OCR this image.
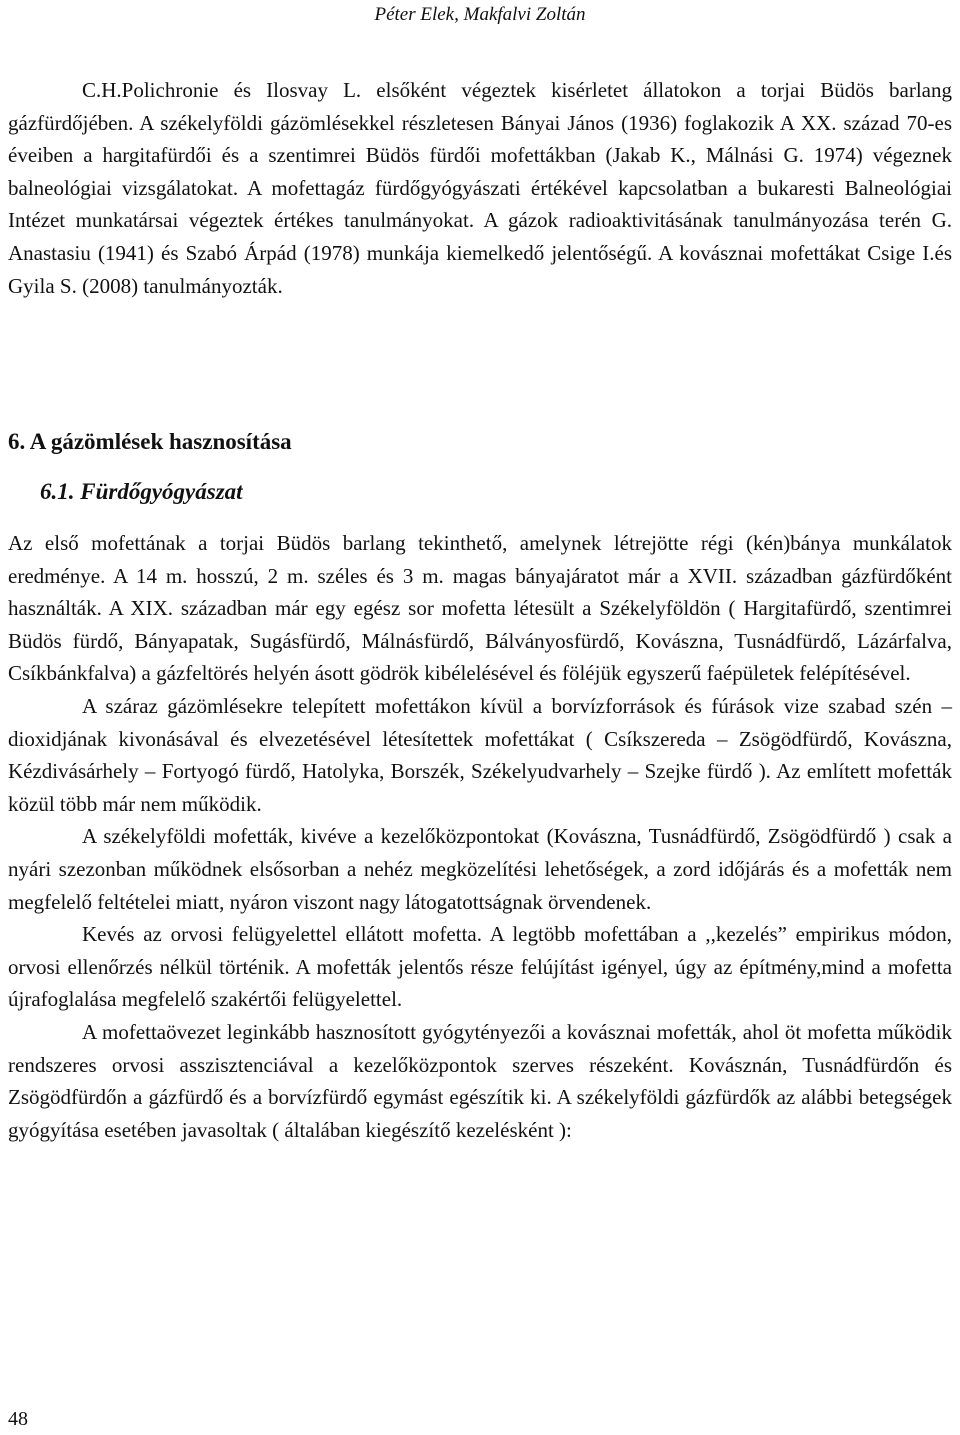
Péter Elek, Makfalvi Zoltán

C.H.Polichronie és Ilosvay L. elsőként végeztek kisérletet állatokon a torjai Büdös barlang gázfürdőjében. A székelyföldi gázömlésekkel részletesen Bányai János (1936) foglakozik A XX. század 70-es éveiben a hargitafürdői és a szentimrei Büdös fürdői mofettákban (Jakab K., Málnási G. 1974) végeznek balneológiai vizsgálatokat. A mofettagáz fürdőgyógyászati értékével kapcsolatban a bukaresti Balneológiai Intézet munkatársai végeztek értékes tanulmányokat. A gázok radioaktivitásának tanulmányozása terén G. Anastasiu (1941) és Szabó Árpád (1978) munkája kiemelkedő jelentőségű. A kovásznai mofettákat Csige I.és Gyila S. (2008) tanulmányozták.

6. A gázömlések hasznosítása
6.1. Fürdőgyógyászat

Az első mofettának a torjai Büdös barlang tekinthető, amelynek létrejötte régi (kén)bánya munkálatok eredménye. A 14 m. hosszú, 2 m. széles és 3 m. magas bányajáratot már a XVII. században gázfürdőként használták. A XIX. században már egy egész sor mofetta létesült a Székelyföldön ( Hargitafürdő, szentimrei Büdös fürdő, Bányapatak, Sugásfürdő, Málnásfürdő, Bálványosfürdő, Kovászna, Tusnádfürdő, Lázárfalva, Csíkbánkfalva) a gázfeltörés helyén ásott gödrök kibélelésével és föléjük egyszerű faépületek felépítésével.

A száraz gázömlésekre telepített mofettákon kívül a borvízforrások és fúrások vize szabad szén – dioxidjának kivonásával és elvezetésével létesítettek mofettákat ( Csíkszereda – Zsögödfürdő, Kovászna, Kézdivásárhely – Fortyogó fürdő, Hatolyka, Borszék, Székelyudvarhely – Szejke fürdő ). Az említett mofetták közül több már nem működik.

A székelyföldi mofetták, kivéve a kezelőközpontokat (Kovászna, Tusnádfürdő, Zsögödfürdő ) csak a nyári szezonban működnek elsősorban a nehéz megközelítési lehetőségek, a zord időjárás és a mofetták nem megfelelő feltételei miatt, nyáron viszont nagy látogatottságnak örvendenek.

Kevés az orvosi felügyelettel ellátott mofetta. A legtöbb mofettában a ,,kezelés” empirikus módon, orvosi ellenőrzés nélkül történik. A mofetták jelentős része felújítást igényel, úgy az építmény,mind a mofetta újrafoglalása megfelelő szakértői felügyelettel.

A mofettaövezet leginkább hasznosított gyógytényezői a kovásznai mofetták, ahol öt mofetta működik rendszeres orvosi asszisztenciával a kezelőközpontok szerves részeként. Kovásznán, Tusnádfürdőn és Zsögödfürdőn a gázfürdő és a borvízfürdő egymást egészítik ki. A székelyföldi gázfürdők az alábbi betegségek gyógyítása esetében javasoltak ( általában kiegészítő kezelésként ):

48
